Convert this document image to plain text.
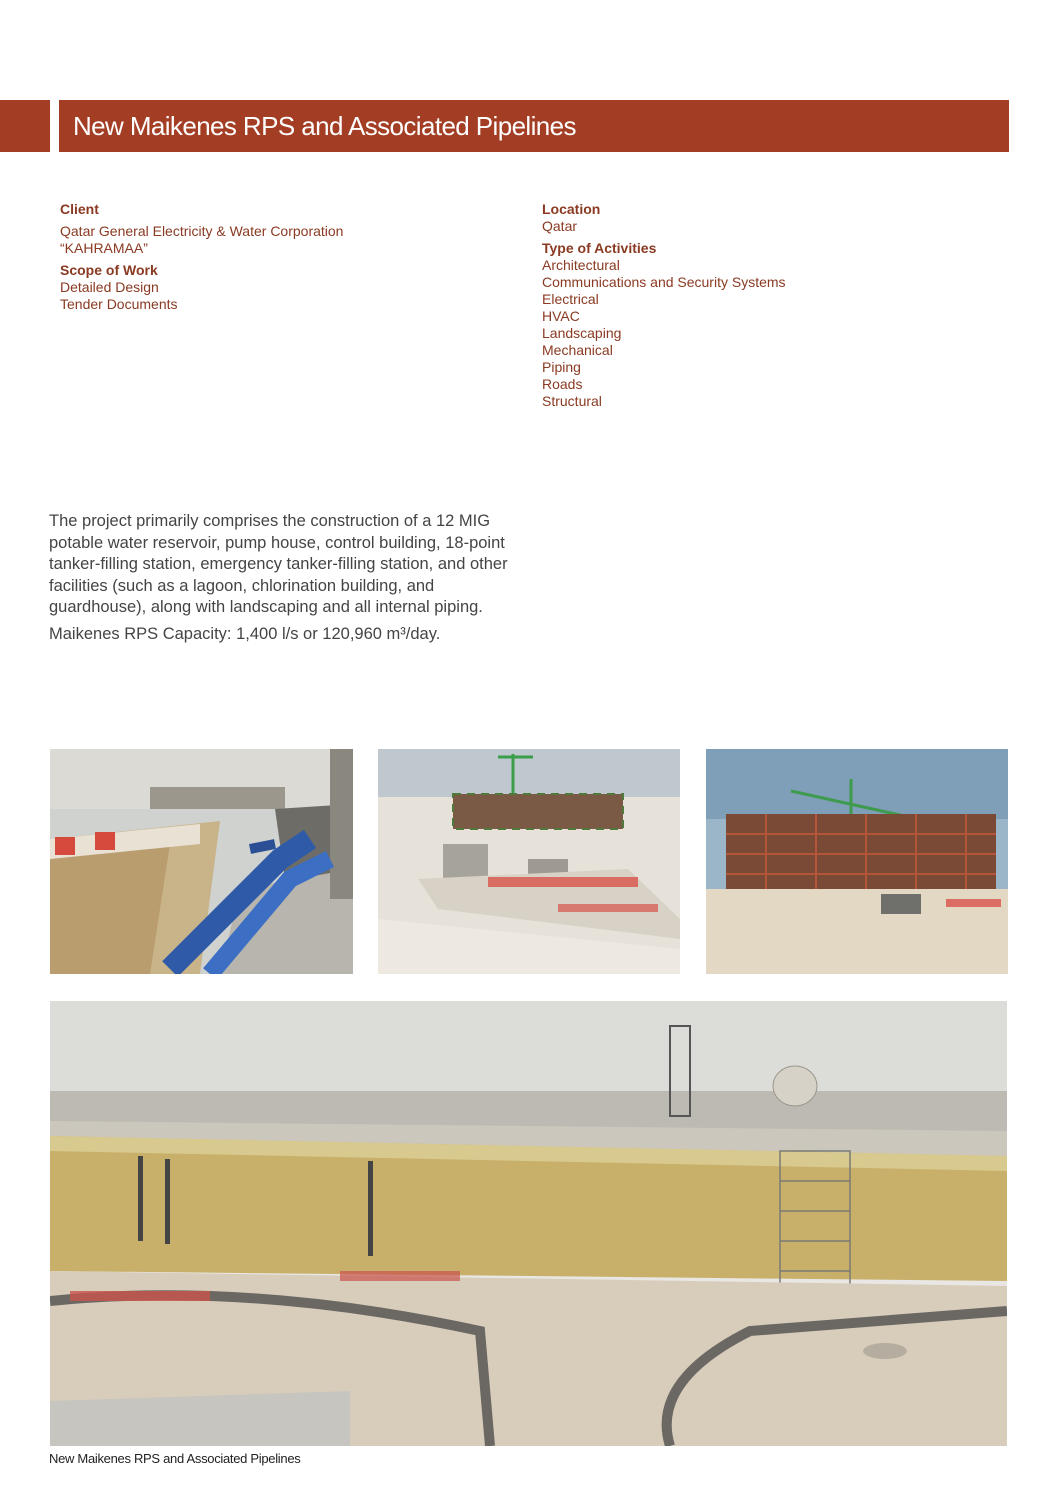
New Maikenes RPS and Associated Pipelines
Client
Qatar General Electricity & Water Corporation
“KAHRAMAA”
Scope of Work
Detailed Design
Tender Documents
Location
Qatar
Type of Activities
Architectural
Communications and Security Systems
Electrical
HVAC
Landscaping
Mechanical
Piping
Roads
Structural

The project primarily comprises the construction of a 12 MIG potable water reservoir, pump house, control building, 18-point tanker-filling station, emergency tanker-filling station, and other facilities (such as a lagoon, chlorination building, and guardhouse), along with landscaping and all internal piping.

Maikenes RPS Capacity: 1,400 l/s or 120,960 m³/day.

New Maikenes RPS and Associated Pipelines
